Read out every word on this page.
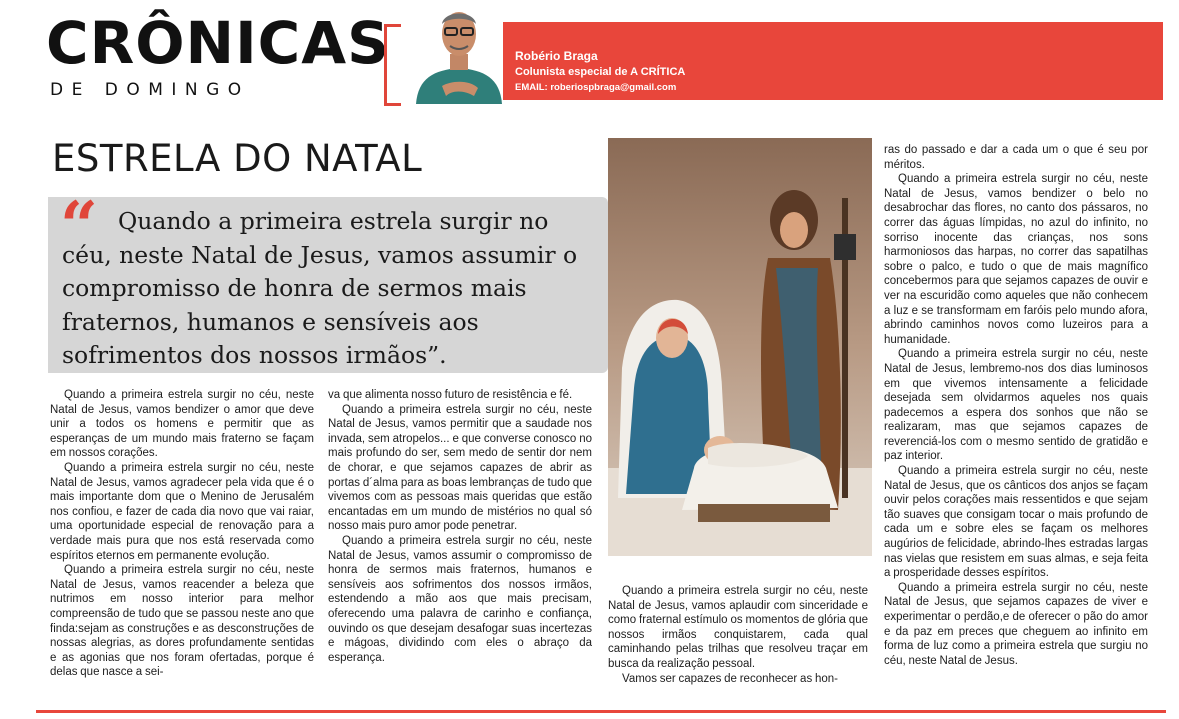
CRÔNICAS
DE DOMINGO
Robério Braga
Colunista especial de A CRÍTICA
EMAIL: roberiospbraga@gmail.com
ESTRELA DO NATAL
“ Quando a primeira estrela surgir no céu, neste Natal de Jesus, vamos assumir o compromisso de honra de sermos mais fraternos, humanos e sensíveis aos sofrimentos dos nossos irmãos”.

Quando a primeira estrela surgir no céu, neste Natal de Jesus, vamos bendizer o amor que deve unir a todos os homens e permitir que as esperanças de um mundo mais fraterno se façam em nossos corações.

Quando a primeira estrela surgir no céu, neste Natal de Jesus, vamos agradecer pela vida que é o mais importante dom que o Menino de Jerusalém nos confiou, e fazer de cada dia novo que vai raiar, uma oportunidade especial de renovação para a verdade mais pura que nos está reservada como espíritos eternos em permanente evolução.

Quando a primeira estrela surgir no céu, neste Natal de Jesus, vamos reacender a beleza que nutrimos em nosso interior para melhor compreensão de tudo que se passou neste ano que finda:sejam as construções e as desconstruções de nossas alegrias, as dores profundamente sentidas e as agonias que nos foram ofertadas, porque é delas que nasce a sei-

va que alimenta nosso futuro de resistência e fé.

Quando a primeira estrela surgir no céu, neste Natal de Jesus, vamos permitir que a saudade nos invada, sem atropelos... e que converse conosco no mais profundo do ser, sem medo de sentir dor nem de chorar, e que sejamos capazes de abrir as portas d´alma para as boas lembranças de tudo que vivemos com as pessoas mais queridas que estão encantadas em um mundo de mistérios no qual só nosso mais puro amor pode penetrar.

Quando a primeira estrela surgir no céu, neste Natal de Jesus, vamos assumir o compromisso de honra de sermos mais fraternos, humanos e sensíveis aos sofrimentos dos nossos irmãos, estendendo a mão aos que mais precisam, oferecendo uma palavra de carinho e confiança, ouvindo os que desejam desafogar suas incertezas e mágoas, dividindo com eles o abraço da esperança.

Quando a primeira estrela surgir no céu, neste Natal de Jesus, vamos aplaudir com sinceridade e como fraternal estímulo os momentos de glória que nossos irmãos conquistarem, cada qual caminhando pelas trilhas que resolveu traçar em busca da realização pessoal.

Vamos ser capazes de reconhecer as hon-

ras do passado e dar a cada um o que é seu por méritos.

Quando a primeira estrela surgir no céu, neste Natal de Jesus, vamos bendizer o belo no desabrochar das flores, no canto dos pássaros, no correr das águas límpidas, no azul do infinito, no sorriso inocente das crianças, nos sons harmoniosos das harpas, no correr das sapatilhas sobre o palco, e tudo o que de mais magnífico concebermos para que sejamos capazes de ouvir e ver na escuridão como aqueles que não conhecem a luz e se transformam em faróis pelo mundo afora, abrindo caminhos novos como luzeiros para a humanidade.

Quando a primeira estrela surgir no céu, neste Natal de Jesus, lembremo-nos dos dias luminosos em que vivemos intensamente a felicidade desejada sem olvidarmos aqueles nos quais padecemos a espera dos sonhos que não se realizaram, mas que sejamos capazes de reverenciá-los com o mesmo sentido de gratidão e paz interior.

Quando a primeira estrela surgir no céu, neste Natal de Jesus, que os cânticos dos anjos se façam ouvir pelos corações mais ressentidos e que sejam tão suaves que consigam tocar o mais profundo de cada um e sobre eles se façam os melhores augúrios de felicidade, abrindo-lhes estradas largas nas vielas que resistem em suas almas, e seja feita a prosperidade desses espíritos.

Quando a primeira estrela surgir no céu, neste Natal de Jesus, que sejamos capazes de viver e experimentar o perdão,e de oferecer o pão do amor e da paz em preces que cheguem ao infinito em forma de luz como a primeira estrela que surgiu no céu, neste Natal de Jesus.
